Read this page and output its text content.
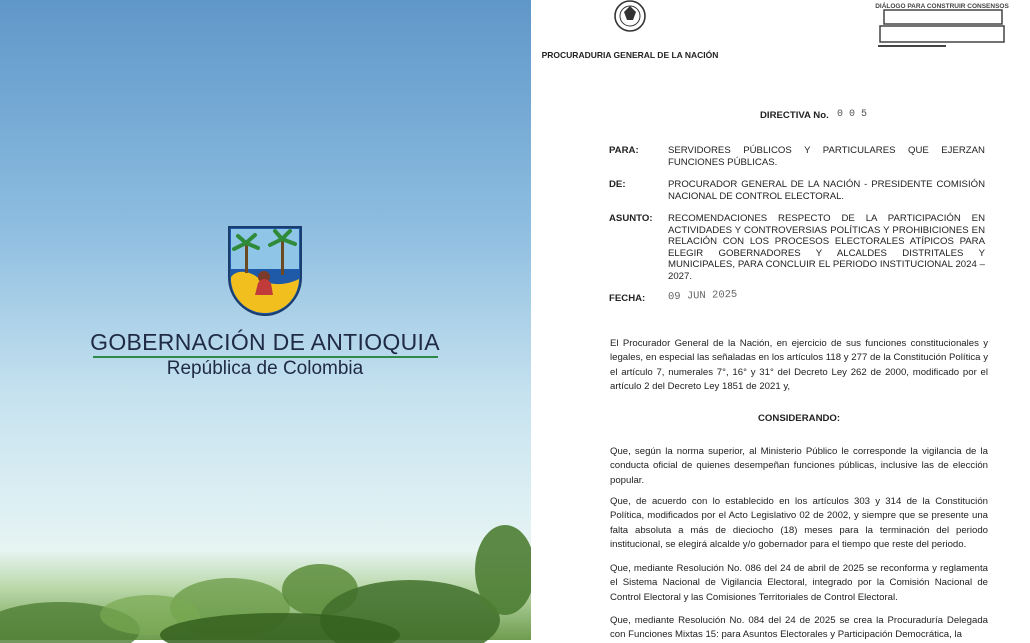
GOBERNACIÓN DE ANTIOQUIA
República de Colombia
PROCURADURIA GENERAL DE LA NACIÓN
DIÁLOGO PARA CONSTRUIR CONSENSOS
DIRECTIVA No. 0 0 5
PARA:	SERVIDORES PÚBLICOS Y PARTICULARES QUE EJERZAN FUNCIONES PÚBLICAS.
DE:	PROCURADOR GENERAL DE LA NACIÓN - PRESIDENTE COMISIÓN NACIONAL DE CONTROL ELECTORAL.
ASUNTO: RECOMENDACIONES RESPECTO DE LA PARTICIPACIÓN EN ACTIVIDADES Y CONTROVERSIAS POLÍTICAS Y PROHIBICIONES EN RELACIÓN CON LOS PROCESOS ELECTORALES ATÍPICOS PARA ELEGIR GOBERNADORES Y ALCALDES DISTRITALES Y MUNICIPALES, PARA CONCLUIR EL PERIODO INSTITUCIONAL 2024 – 2027.
FECHA: 09 JUN 2025
El Procurador General de la Nación, en ejercicio de sus funciones constitucionales y legales, en especial las señaladas en los artículos 118 y 277 de la Constitución Política y el artículo 7, numerales 7°, 16° y 31° del Decreto Ley 262 de 2000, modificado por el artículo 2 del Decreto Ley 1851 de 2021 y,
CONSIDERANDO:
Que, según la norma superior, al Ministerio Público le corresponde la vigilancia de la conducta oficial de quienes desempeñan funciones públicas, inclusive las de elección popular.
Que, de acuerdo con lo establecido en los artículos 303 y 314 de la Constitución Política, modificados por el Acto Legislativo 02 de 2002, y siempre que se presente una falta absoluta a más de dieciocho (18) meses para la terminación del periodo institucional, se elegirá alcalde y/o gobernador para el tiempo que reste del periodo.
Que, mediante Resolución No. 086 del 24 de abril de 2025 se reconforma y reglamenta el Sistema Nacional de Vigilancia Electoral, integrado por la Comisión Nacional de Control Electoral y las Comisiones Territoriales de Control Electoral.
Que, mediante Resolución No. 084 del 24 de 2025 se crea la Procuraduría Delegada con Funciones Mixtas 15: para Asuntos Electorales y Participación Democrática, la
